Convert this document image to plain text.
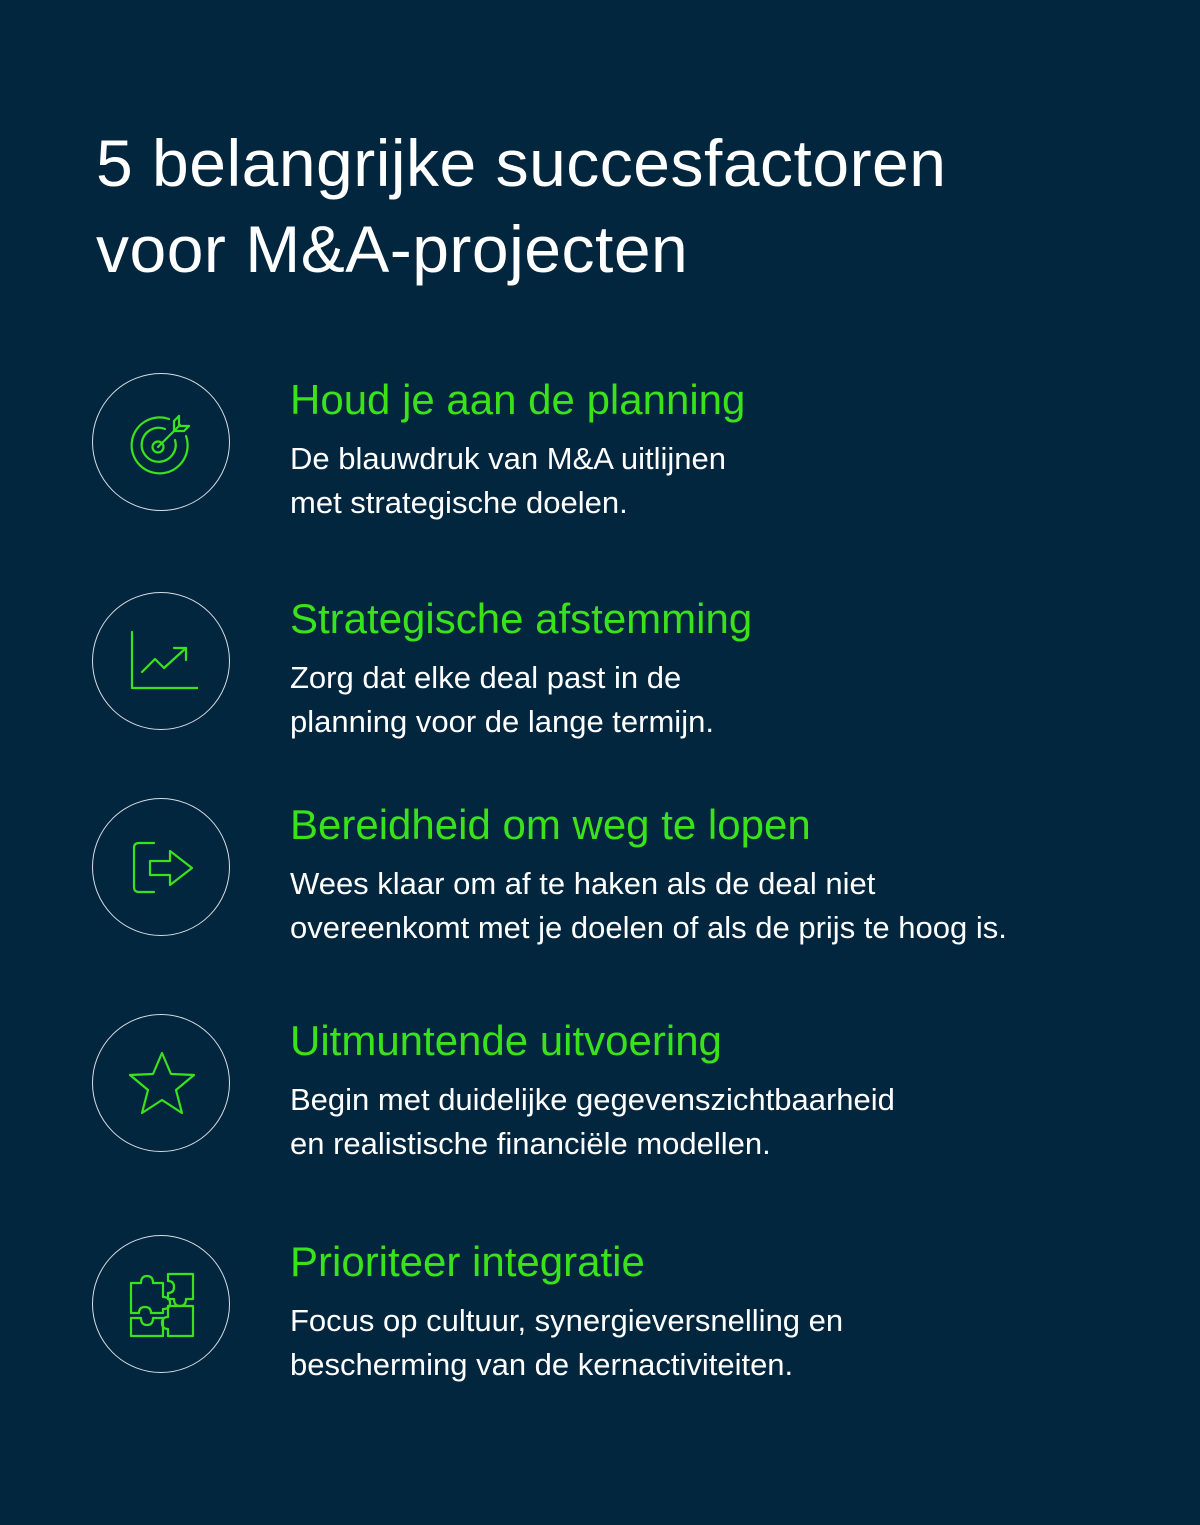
5 belangrijke succesfactoren
voor M&A-projecten
Houd je aan de planning

De blauwdruk van M&A uitlijnen
met strategische doelen.

Strategische afstemming

Zorg dat elke deal past in de
planning voor de lange termijn.

Bereidheid om weg te lopen

Wees klaar om af te haken als de deal niet
overeenkomt met je doelen of als de prijs te hoog is.

Uitmuntende uitvoering

Begin met duidelijke gegevenszichtbaarheid
en realistische financiële modellen.

Prioriteer integratie

Focus op cultuur, synergieversnelling en
bescherming van de kernactiviteiten.
